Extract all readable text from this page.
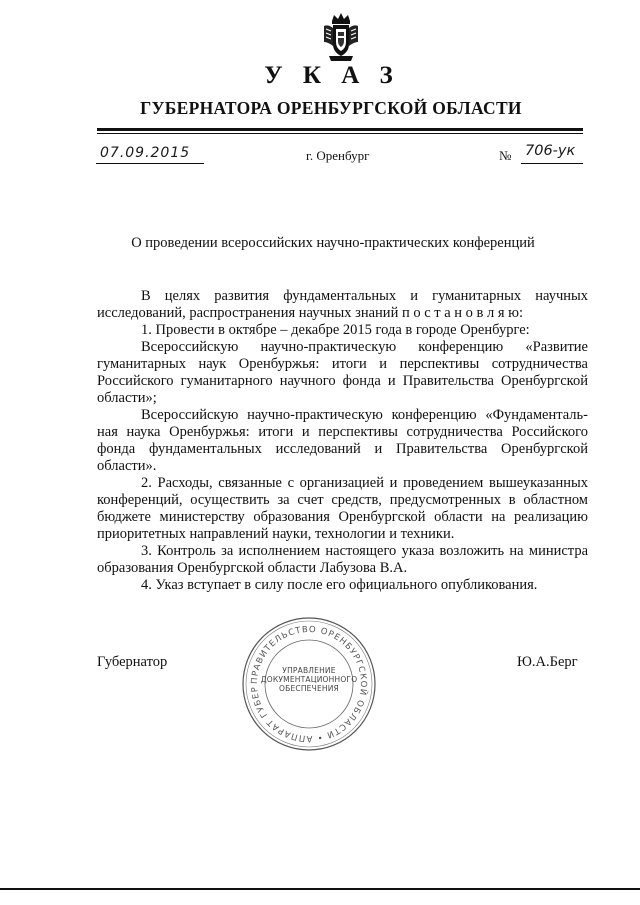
У К А З
ГУБЕРНАТОРА ОРЕНБУРГСКОЙ ОБЛАСТИ
07.09.2015	г. Оренбург	№ 706-ук
О проведении всероссийских научно-практических конференций

В целях развития фундаментальных и гуманитарных научных исследований, распространения научных знаний п о с т а н о в л я ю:

1. Провести в октябре – декабре 2015 года в городе Оренбурге:

Всероссийскую научно-практическую конференцию «Развитие гуманитарных наук Оренбуржья: итоги и перспективы сотрудничества Российского гуманитарного научного фонда и Правительства Оренбургской области»;

Всероссийскую научно-практическую конференцию «Фундаменталь-ная наука Оренбуржья: итоги и перспективы сотрудничества Российского фонда фундаментальных исследований и Правительства Оренбургской области».

2. Расходы, связанные с организацией и проведением вышеуказанных конференций, осуществить за счет средств, предусмотренных в областном бюджете министерству образования Оренбургской области на реализацию приоритетных направлений науки, технологии и техники.

3. Контроль за исполнением настоящего указа возложить на министра образования Оренбургской области Лабузова В.А.

4. Указ вступает в силу после его официального опубликования.

Губернатор
ПРАВИТЕЛЬСТВО ОРЕНБУРГСКОЙ ОБЛАСТИ • АППАРАТ ГУБЕР
УПРАВЛЕНИЕ
ДОКУМЕНТАЦИОННОГО
ОБЕСПЕЧЕНИЯ
Ю.А.Берг
